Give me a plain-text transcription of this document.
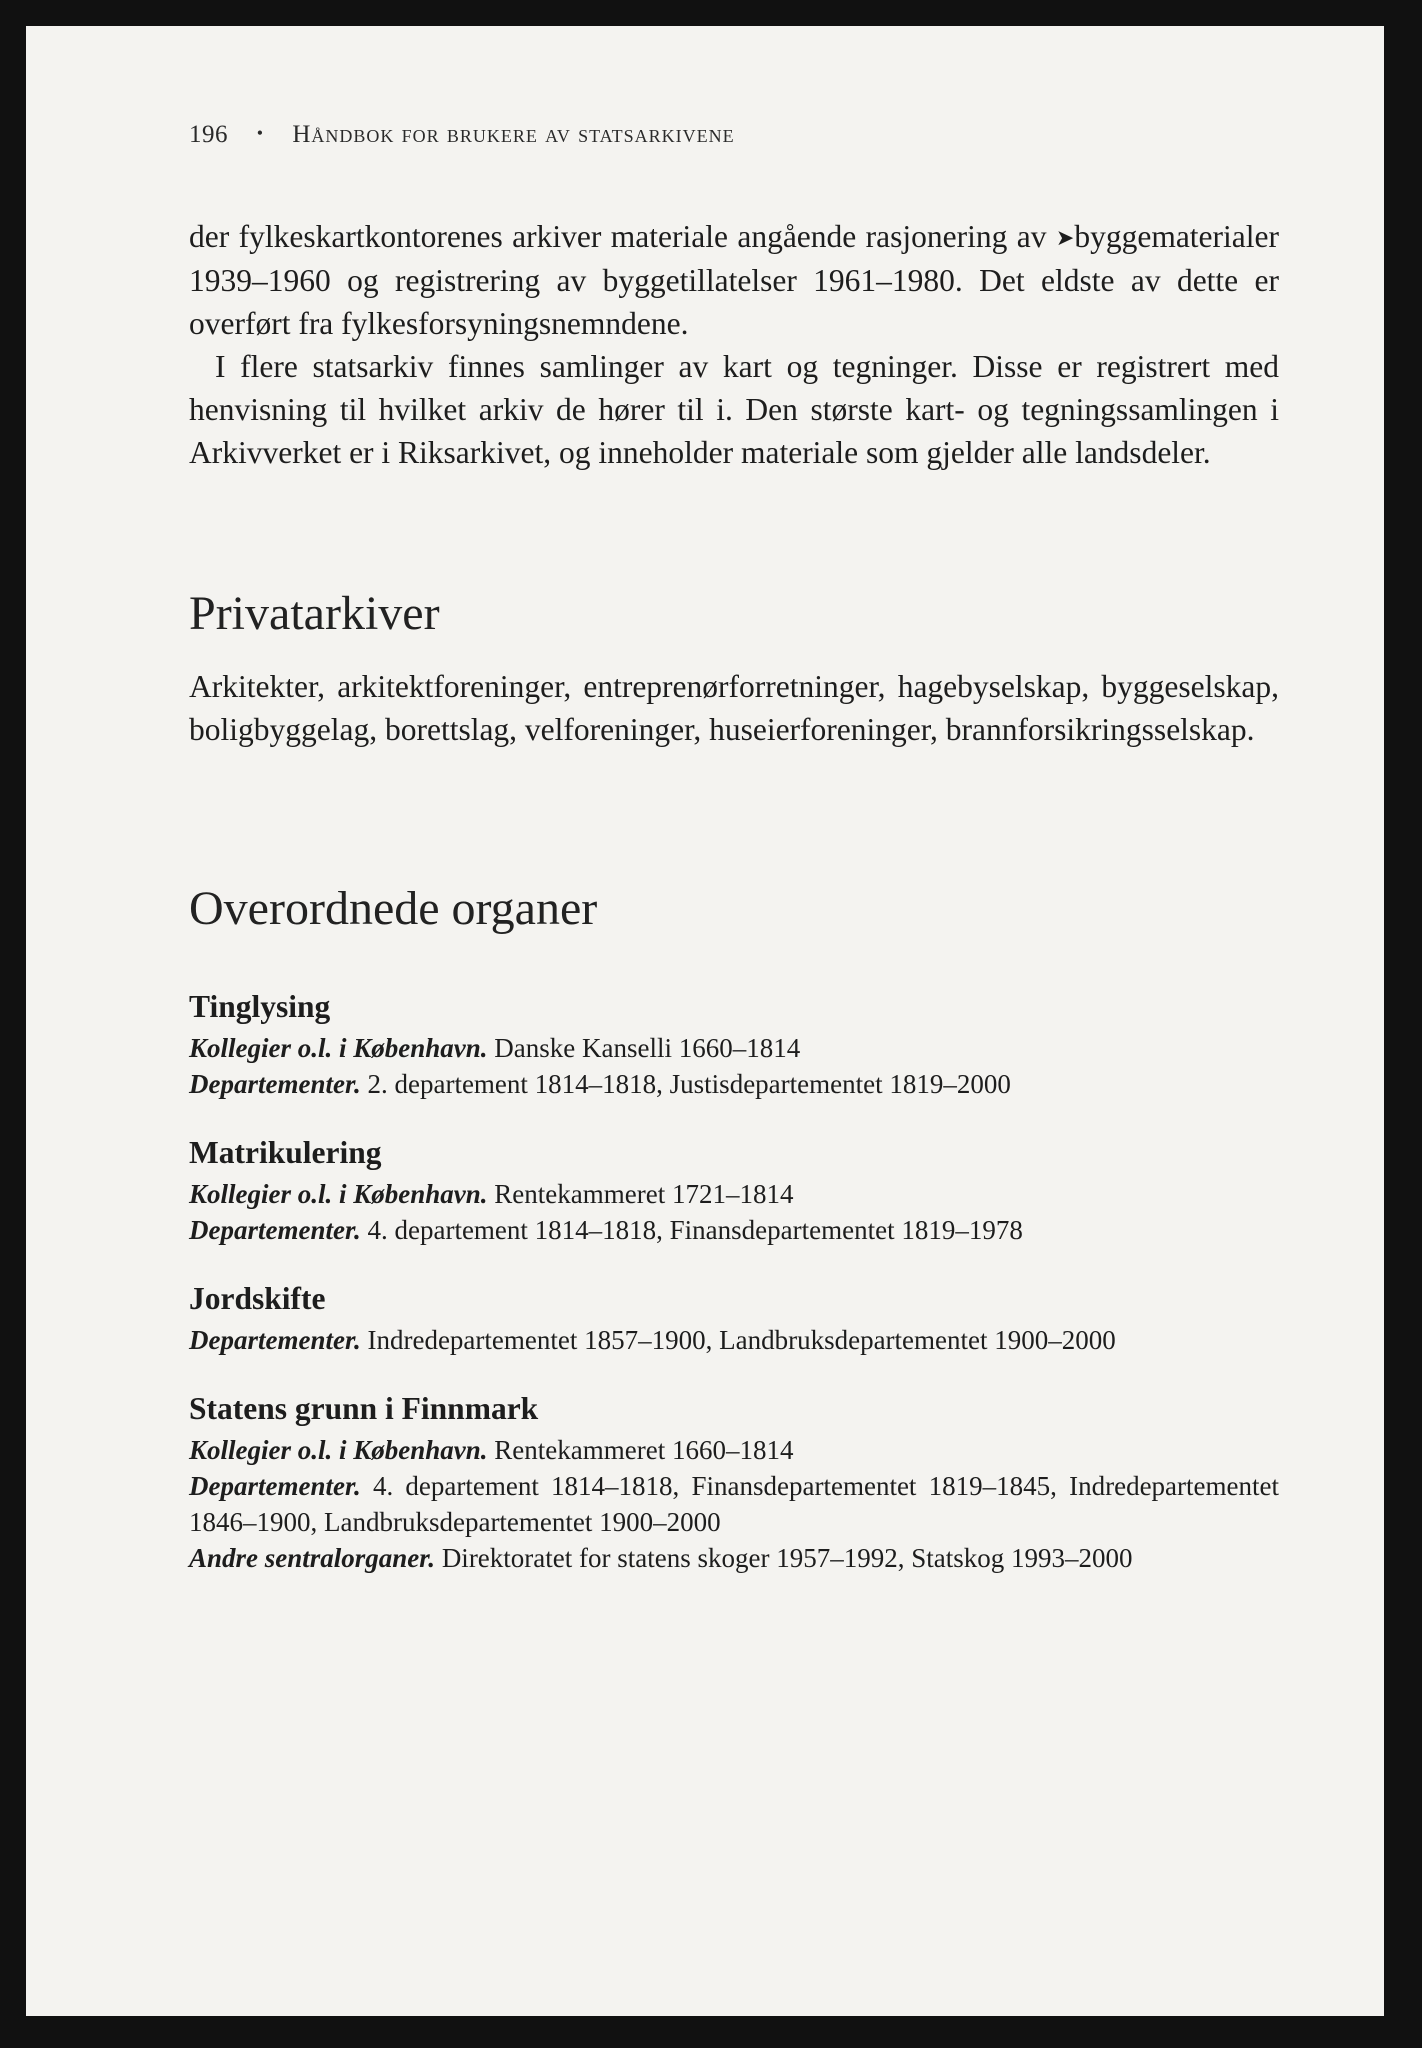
196 • Håndbok for brukere av statsarkivene

der fylkeskartkontorenes arkiver materiale angående rasjonering av ➤byggematerialer 1939–1960 og registrering av byggetillatelser 1961–1980. Det eldste av dette er overført fra fylkesforsyningsnemndene.

I flere statsarkiv finnes samlinger av kart og tegninger. Disse er registrert med henvisning til hvilket arkiv de hører til i. Den største kart- og tegningssamlingen i Arkivverket er i Riksarkivet, og inneholder materiale som gjelder alle landsdeler.

Privatarkiver

Arkitekter, arkitektforeninger, entreprenørforretninger, hagebyselskap, byggeselskap, boligbyggelag, borettslag, velforeninger, huseierforeninger, brannforsikringsselskap.

Overordnede organer
Tinglysing

Kollegier o.l. i København. Danske Kanselli 1660–1814

Departementer. 2. departement 1814–1818, Justisdepartementet 1819–2000

Matrikulering

Kollegier o.l. i København. Rentekammeret 1721–1814

Departementer. 4. departement 1814–1818, Finansdepartementet 1819–1978

Jordskifte

Departementer. Indredepartementet 1857–1900, Landbruksdepartementet 1900–2000

Statens grunn i Finnmark

Kollegier o.l. i København. Rentekammeret 1660–1814

Departementer. 4. departement 1814–1818, Finansdepartementet 1819–1845, Indredepartementet 1846–1900, Landbruksdepartementet 1900–2000

Andre sentralorganer. Direktoratet for statens skoger 1957–1992, Statskog 1993–2000
